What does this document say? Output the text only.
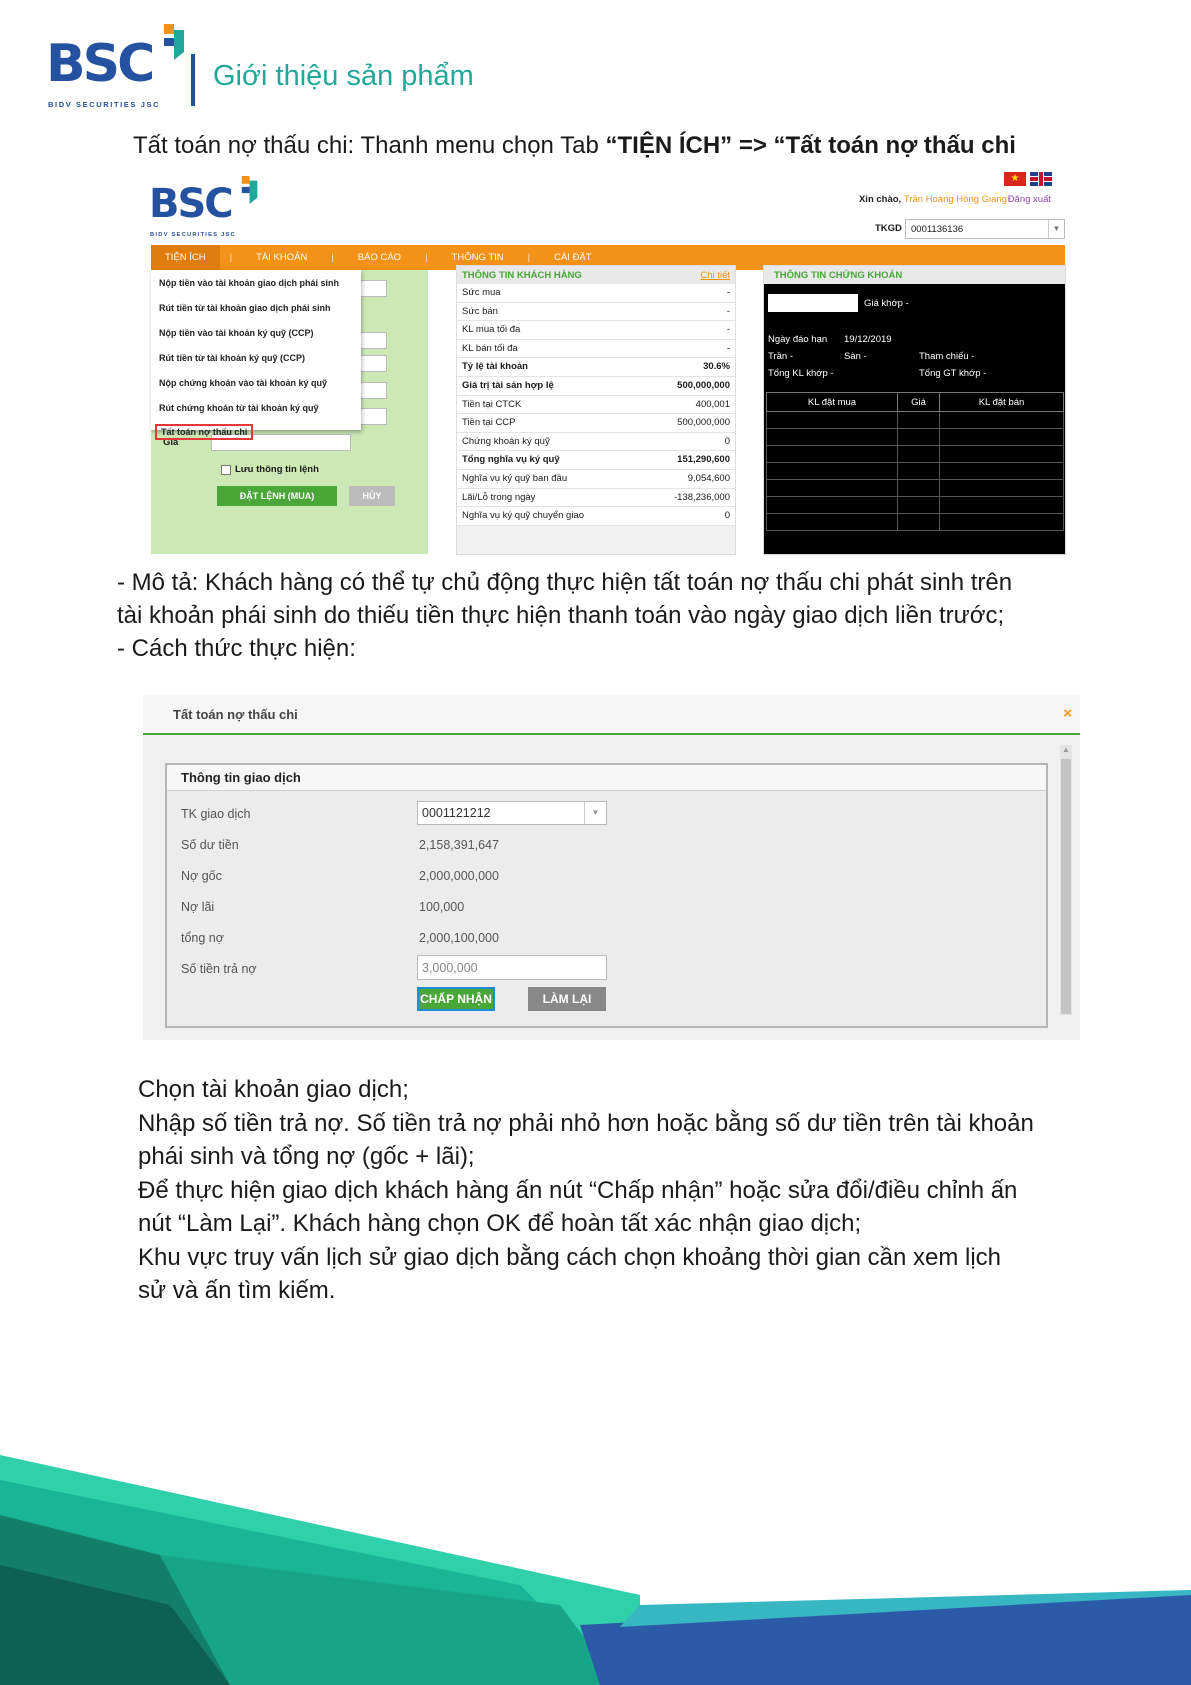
BSC
BIDV SECURITIES JSC
Giới thiệu sản phẩm
Tất toán nợ thấu chi: Thanh menu chọn Tab “TIỆN ÍCH” => “Tất toán nợ thấu chi
BSC
BIDV SECURITIES JSC
★
Xin chào, Trần Hoàng Hồng Giang Đăng xuất
TKGD 0001136136	▼
TIỆN ÍCH	|	TÀI KHOẢN	|	BÁO CÁO	|	THÔNG TIN	|	CÀI ĐẶT
Giá
Lưu thông tin lệnh
ĐẶT LỆNH (MUA)	HỦY
Nộp tiền vào tài khoản giao dịch phái sinh
Rút tiền từ tài khoản giao dịch phái sinh
Nộp tiền vào tài khoản ký quỹ (CCP)
Rút tiền từ tài khoản ký quỹ (CCP)
Nộp chứng khoán vào tài khoản ký quỹ
Rút chứng khoán từ tài khoản ký quỹ
Tất toán nợ thấu chi
THÔNG TIN KHÁCH HÀNG	Chi tiết
Sức mua	-
Sức bán	-
KL mua tối đa	-
KL bán tối đa	-
Tỷ lệ tài khoản	30.6%
Giá trị tài sản hợp lệ	500,000,000
Tiền tại CTCK	400,001
Tiền tại CCP	500,000,000
Chứng khoán ký quỹ	0
Tổng nghĩa vụ ký quỹ	151,290,600
Nghĩa vụ ký quỹ ban đầu	9,054,600
Lãi/Lỗ trong ngày	-138,236,000
Nghĩa vụ ký quỹ chuyển giao	0
THÔNG TIN CHỨNG KHOÁN
Giá khớp -
Ngày đáo hạn 19/12/2019
Trần -	Sàn -	Tham chiếu -
Tổng KL khớp -	Tổng GT khớp -
KL đặt mua	Giá	KL đặt bán

- Mô tả: Khách hàng có thể tự chủ động thực hiện tất toán nợ thấu chi phát sinh trên
tài khoản phái sinh do thiếu tiền thực hiện thanh toán vào ngày giao dịch liền trước;
- Cách thức thực hiện:
Tất toán nợ thấu chi	×
▲
Thông tin giao dịch
TK giao dịch	0001121212	▼
Số dư tiền	2,158,391,647
Nợ gốc	2,000,000,000
Nợ lãi	100,000
tổng nợ	2,000,100,000
Số tiền trả nợ	3,000,000
CHẤP NHẬN	LÀM LẠI
Chọn tài khoản giao dịch;
Nhập số tiền trả nợ. Số tiền trả nợ phải nhỏ hơn hoặc bằng số dư tiền trên tài khoản
phái sinh và tổng nợ (gốc + lãi);
Để thực hiện giao dịch khách hàng ấn nút “Chấp nhận” hoặc sửa đổi/điều chỉnh ấn
nút “Làm Lại”. Khách hàng chọn OK để hoàn tất xác nhận giao dịch;
Khu vực truy vấn lịch sử giao dịch bằng cách chọn khoảng thời gian cần xem lịch
sử và ấn tìm kiếm.
